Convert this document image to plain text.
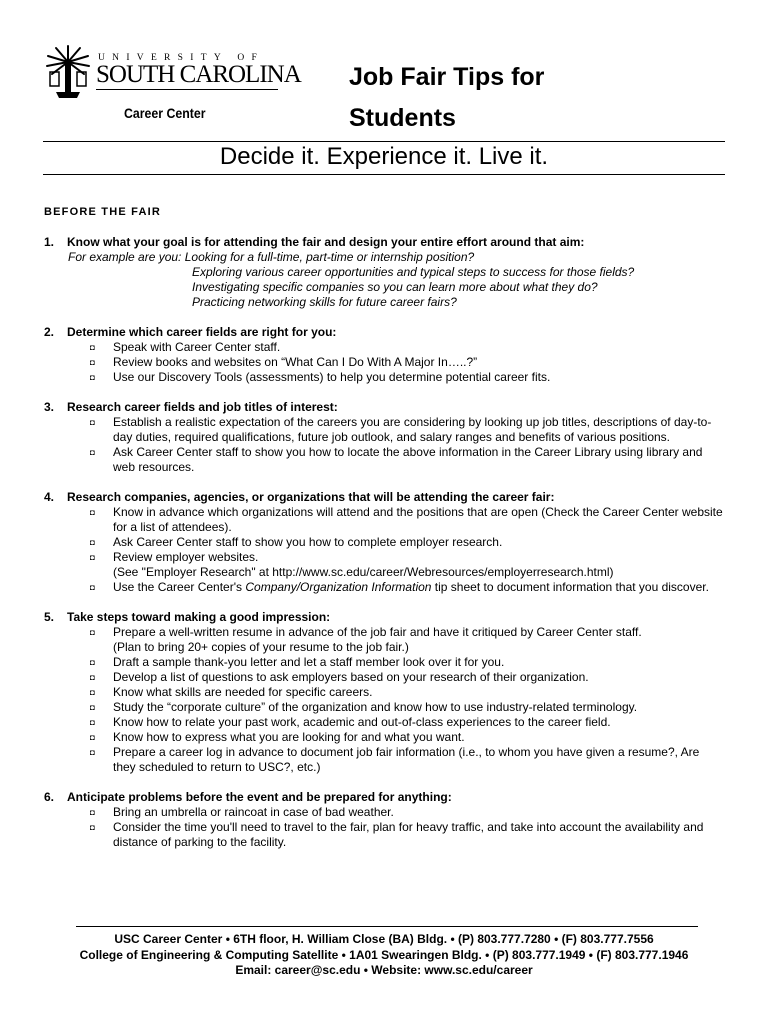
UNIVERSITY OF
SOUTH CAROLINA
Career Center
Job Fair Tips for
Students
Decide it. Experience it. Live it.
BEFORE THE FAIR
1.	Know what your goal is for attending the fair and design your entire effort around that aim:
For example are you: Looking for a full-time, part-time or internship position?
Exploring various career opportunities and typical steps to success for those fields?
Investigating specific companies so you can learn more about what they do?
Practicing networking skills for future career fairs?
2.	Determine which career fields are right for you:
◘	Speak with Career Center staff.
◘	Review books and websites on “What Can I Do With A Major In…..?”
◘	Use our Discovery Tools (assessments) to help you determine potential career fits.
3.	Research career fields and job titles of interest:
◘	Establish a realistic expectation of the careers you are considering by looking up job titles, descriptions of day-to-day duties, required qualifications, future job outlook, and salary ranges and benefits of various positions.
◘	Ask Career Center staff to show you how to locate the above information in the Career Library using library and web resources.
4.	Research companies, agencies, or organizations that will be attending the career fair:
◘	Know in advance which organizations will attend and the positions that are open (Check the Career Center website for a list of attendees).
◘	Ask Career Center staff to show you how to complete employer research.
◘	Review employer websites.
(See "Employer Research" at http://www.sc.edu/career/Webresources/employerresearch.html)
◘	Use the Career Center's Company/Organization Information tip sheet to document information that you discover.
5.	Take steps toward making a good impression:
◘	Prepare a well-written resume in advance of the job fair and have it critiqued by Career Center staff.
(Plan to bring 20+ copies of your resume to the job fair.)
◘	Draft a sample thank-you letter and let a staff member look over it for you.
◘	Develop a list of questions to ask employers based on your research of their organization.
◘	Know what skills are needed for specific careers.
◘	Study the “corporate culture” of the organization and know how to use industry-related terminology.
◘	Know how to relate your past work, academic and out-of-class experiences to the career field.
◘	Know how to express what you are looking for and what you want.
◘	Prepare a career log in advance to document job fair information (i.e., to whom you have given a resume?, Are they scheduled to return to USC?, etc.)
6.	Anticipate problems before the event and be prepared for anything:
◘	Bring an umbrella or raincoat in case of bad weather.
◘	Consider the time you'll need to travel to the fair, plan for heavy traffic, and take into account the availability and distance of parking to the facility.
USC Career Center • 6TH floor, H. William Close (BA) Bldg. • (P) 803.777.7280 • (F) 803.777.7556
College of Engineering & Computing Satellite • 1A01 Swearingen Bldg. • (P) 803.777.1949 • (F) 803.777.1946
Email: career@sc.edu • Website: www.sc.edu/career
